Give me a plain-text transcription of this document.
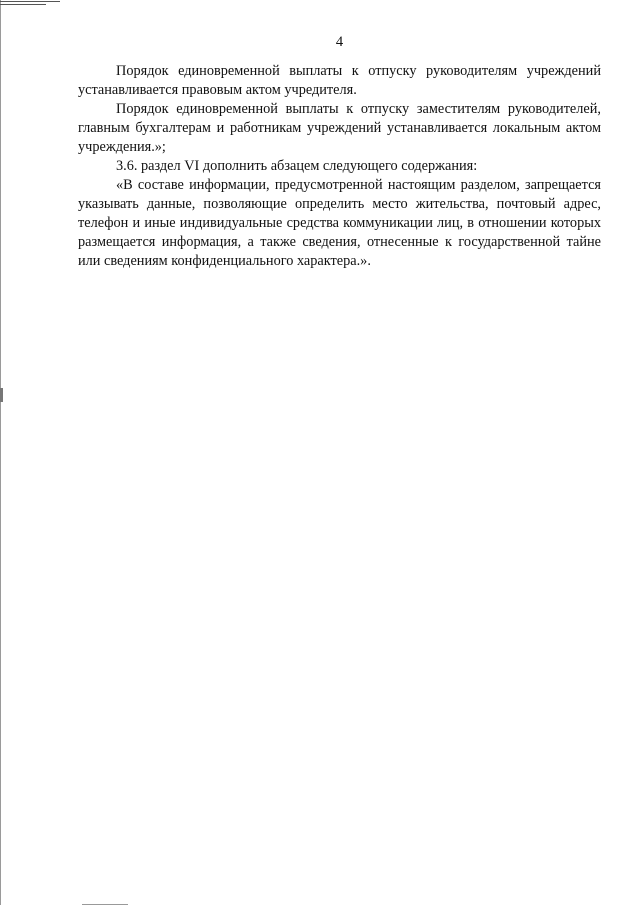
4

Порядок единовременной выплаты к отпуску руководителям учреждений устанавливается правовым актом учредителя.

Порядок единовременной выплаты к отпуску заместителям руководителей, главным бухгалтерам и работникам учреждений устанавливается локальным актом учреждения.»;

3.6. раздел VI дополнить абзацем следующего содержания:

«В составе информации, предусмотренной настоящим разделом, запрещается указывать данные, позволяющие определить место жительства, почтовый адрес, телефон и иные индивидуальные средства коммуникации лиц, в отношении которых размещается информация, а также сведения, отнесенные к государственной тайне или сведениям конфиденциального характера.».
